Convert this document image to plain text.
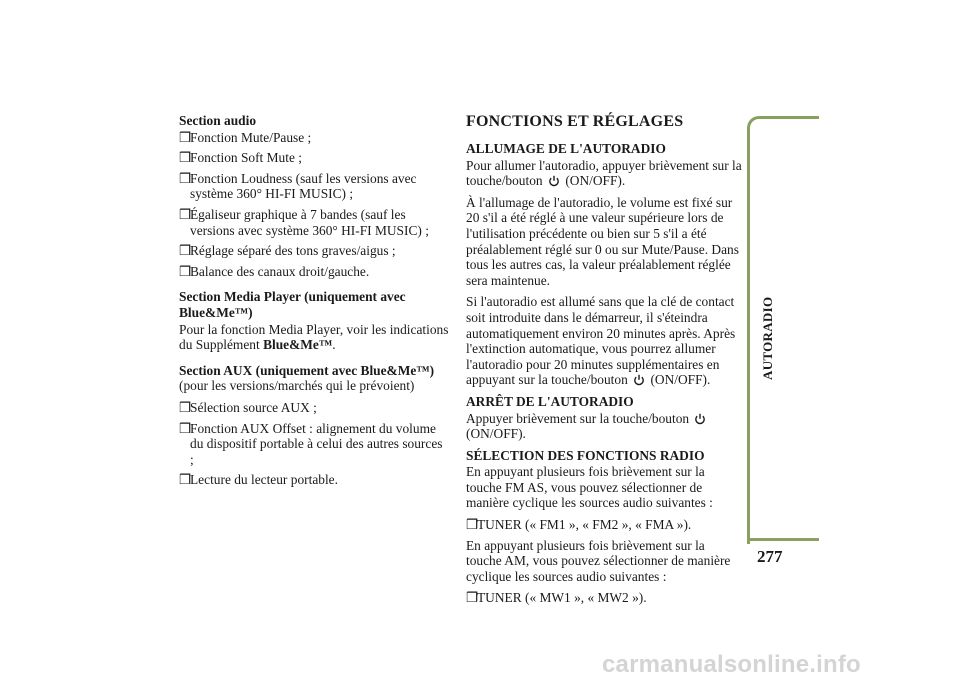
Section audio

❒
Fonction Mute/Pause ;
❒
Fonction Soft Mute ;
❒
Fonction Loudness (sauf les versions avec système 360° HI-FI MUSIC) ;
❒
Égaliseur graphique à 7 bandes (sauf les versions avec système 360° HI-FI MUSIC) ;
❒
Réglage séparé des tons graves/aigus ;
❒
Balance des canaux droit/gauche.

Section Media Player (uniquement avec Blue&Me™)

Pour la fonction Media Player, voir les indications du Supplément Blue&Me™.

Section AUX (uniquement avec Blue&Me™)

(pour les versions/marchés qui le prévoient)

❒
Sélection source AUX ;
❒
Fonction AUX Offset : alignement du volume du dispositif portable à celui des autres sources ;
❒
Lecture du lecteur portable.

FONCTIONS ET RÉGLAGES

ALLUMAGE DE L'AUTORADIO

Pour allumer l'autoradio, appuyer brièvement sur la touche/bouton  (ON/OFF).

À l'allumage de l'autoradio, le volume est fixé sur 20 s'il a été réglé à une valeur supérieure lors de l'utilisation précédente ou bien sur 5 s'il a été préalablement réglé sur 0 ou sur Mute/Pause. Dans tous les autres cas, la valeur préalablement réglée sera maintenue.

Si l'autoradio est allumé sans que la clé de contact soit introduite dans le démarreur, il s'éteindra automatiquement environ 20 minutes après. Après l'extinction automatique, vous pourrez allumer l'autoradio pour 20 minutes supplémentaires en appuyant sur la touche/bouton  (ON/OFF).

ARRÊT DE L'AUTORADIO

Appuyer brièvement sur la touche/bouton  (ON/OFF).

SÉLECTION DES FONCTIONS RADIO

En appuyant plusieurs fois brièvement sur la touche FM AS, vous pouvez sélectionner de manière cyclique les sources audio suivantes :

❒
TUNER (« FM1 », « FM2 », « FMA »).

En appuyant plusieurs fois brièvement sur la touche AM, vous pouvez sélectionner de manière cyclique les sources audio suivantes :

❒
TUNER (« MW1 », « MW2 »).
AUTORADIO
277
carmanualsonline.info
